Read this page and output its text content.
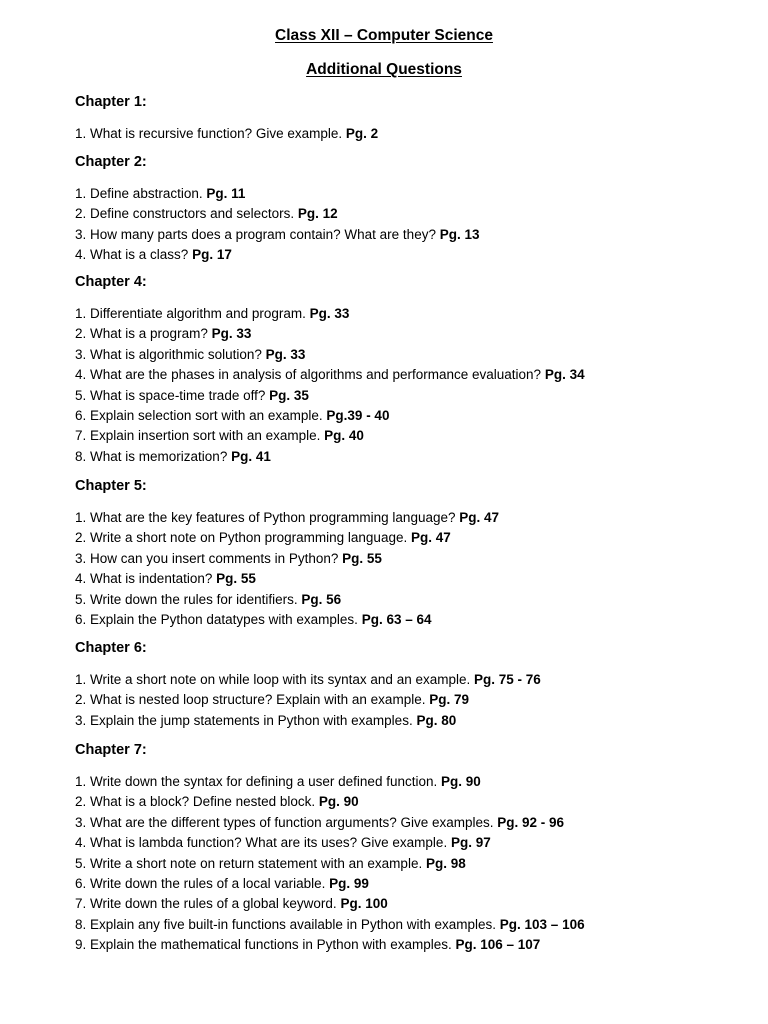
Class XII – Computer Science
Additional Questions
Chapter 1:
1. What is recursive function? Give example. Pg. 2
Chapter 2:
1. Define abstraction. Pg. 11
2. Define constructors and selectors. Pg. 12
3. How many parts does a program contain? What are they? Pg. 13
4. What is a class? Pg. 17
Chapter 4:
1. Differentiate algorithm and program. Pg. 33
2. What is a program? Pg. 33
3. What is algorithmic solution? Pg. 33
4. What are the phases in analysis of algorithms and performance evaluation? Pg. 34
5. What is space-time trade off? Pg. 35
6. Explain selection sort with an example. Pg.39 - 40
7. Explain insertion sort with an example. Pg. 40
8. What is memorization? Pg. 41
Chapter 5:
1. What are the key features of Python programming language? Pg. 47
2. Write a short note on Python programming language. Pg. 47
3. How can you insert comments in Python? Pg. 55
4. What is indentation? Pg. 55
5. Write down the rules for identifiers. Pg. 56
6. Explain the Python datatypes with examples. Pg. 63 – 64
Chapter 6:
1. Write a short note on while loop with its syntax and an example. Pg. 75 - 76
2. What is nested loop structure? Explain with an example. Pg. 79
3. Explain the jump statements in Python with examples. Pg. 80
Chapter 7:
1. Write down the syntax for defining a user defined function. Pg. 90
2. What is a block? Define nested block. Pg. 90
3. What are the different types of function arguments? Give examples. Pg. 92 - 96
4. What is lambda function? What are its uses? Give example. Pg. 97
5. Write a short note on return statement with an example. Pg. 98
6. Write down the rules of a local variable. Pg. 99
7. Write down the rules of a global keyword. Pg. 100
8. Explain any five built-in functions available in Python with examples. Pg. 103 – 106
9. Explain the mathematical functions in Python with examples. Pg. 106 – 107
